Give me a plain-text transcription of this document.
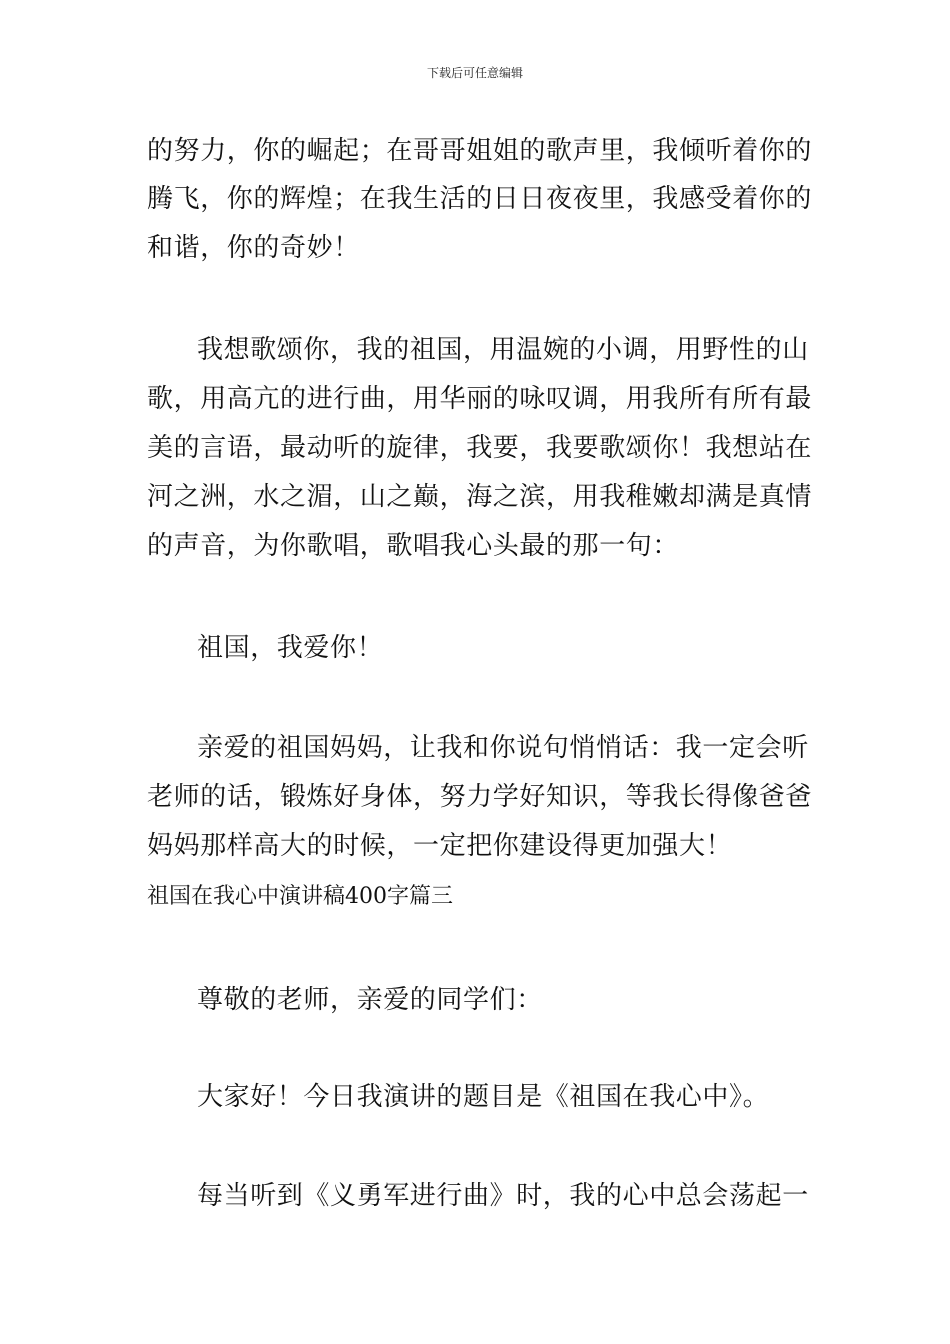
下载后可任意编辑
的努力，你的崛起；在哥哥姐姐的歌声里，我倾听着你的
腾飞，你的辉煌；在我生活的日日夜夜里，我感受着你的
和谐，你的奇妙！
我想歌颂你，我的祖国，用温婉的小调，用野性的山
歌，用高亢的进行曲，用华丽的咏叹调，用我所有所有最
美的言语，最动听的旋律，我要，我要歌颂你！我想站在
河之洲，水之湄，山之巅，海之滨，用我稚嫩却满是真情
的声音，为你歌唱，歌唱我心头最的那一句：
祖国，我爱你！
亲爱的祖国妈妈，让我和你说句悄悄话：我一定会听
老师的话，锻炼好身体，努力学好知识，等我长得像爸爸
妈妈那样高大的时候，一定把你建设得更加强大！
祖国在我心中演讲稿400字篇三
尊敬的老师，亲爱的同学们：
大家好！今日我演讲的题目是《祖国在我心中》。
每当听到《义勇军进行曲》时，我的心中总会荡起一
